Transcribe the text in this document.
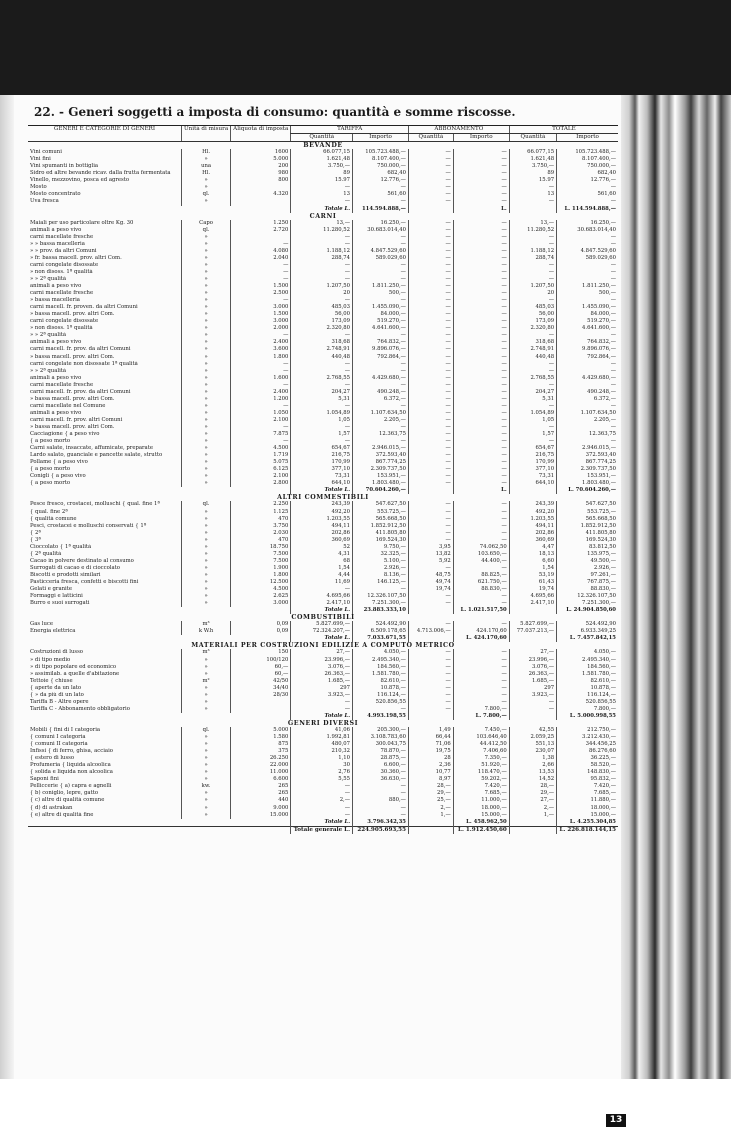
22. - Generi soggetti a imposta di consumo: quantità e somme riscosse.
GENERI E CATEGORIE DI GENERI	Unità di misura	Aliquota di imposta	TARIFFA		ABBONAMENTO		TOTALE	
			Quantità	Importo	Quantità	Importo	Quantità	Importo
BEVANDE								
Vini comuni	Hl.	1600	66.077,15	105.723.488,—	—	—	66.077,15	105.723.488,—
Vini fini	»	5.000	1.621,48	8.107.400,—	—	—	1.621,48	8.107.400,—
Vini spumanti in bottiglia	una	200	3.750,—	750.000,—	—	—	3.750,—	750.000,—
Sidro ed altre bevande ricav. dalla frutta fermentata	Hl.	980	89	682,40	—	—	89	682,40
Vinello, mezzovino, posca ed agresto	»	800	15.97	12.776,—	—	—	15.97	12.776,—
Mosto	»		—	—	—	—	—	—
Mosto concentrato	ql.	4.320	13	561,60	—	—	13	561,60
Uva fresca	»		—	—	—	—	—	—
			Totale L.	114.594.888,—		L.		L. 114.594.888,—
CARNI								
Maiali per uso particolare oltre Kg. 30	Capo	1.250	13,—	16.250,—	—	—	13,—	16.250,—
animali a peso vivo	ql.	2.720	11.280,52	30.683.014,40	—	—	11.280,52	30.683.014,40
carni macellate fresche	»		—	—	—	—	—	—
» » bassa macelleria	»	—	—	—	—	—	—	—
» » prov. da altri Comuni	»	4.080	1.188,12	4.847.529,60	—	—	1.188,12	4.847.529,60
» fr. bassa macell. prov. altri Com.	»	2.040	288,74	589.029,60	—	—	288,74	589.029,60
carni congelate disossate	»	—	—	—	—	—	—	—
» non disoss. 1ª qualità	»	—	—	—	—	—	—	—
» » 2ª qualità	»	—	—	—	—	—	—	—
animali a peso vivo	»	1.500	1.207,50	1.811.250,—	—	—	1.207,50	1.811.250,—
carni macellate fresche	»	2.500	20	500,—	—	—	20	500,—
» bassa macelleria	»	—	—	—	—	—	—	—
carni macell. fr. proven. da altri Comuni	»	3.000	485,03	1.455.090,—	—	—	485,03	1.455.090,—
» bassa macell. prov. altri Com.	»	1.500	56,00	84.000,—	—	—	56,00	84.000,—
carni congelate disossate	»	3.000	173,09	519.270,—	—	—	173,09	519.270,—
» non disoss. 1ª qualità	»	2.000	2.320,80	4.641.600,—	—	—	2.320,80	4.641.600,—
» » 2ª qualità	»	—	—	—	—	—	—	—
animali a peso vivo	»	2.400	318,68	764.832,—	—	—	318,68	764.832,—
carni macell. fr. prov. da altri Comuni	»	3.600	2.748,91	9.896.076,—	—	—	2.748,91	9.896.076,—
» bassa macell. prov. altri Com.	»	1.800	440,48	792.864,—	—	—	440,48	792.864,—
carni congelate non disossate 1ª qualità	»	—	—	—	—	—	—	—
» » 2ª qualità	»	—	—	—	—	—	—	—
animali a peso vivo	»	1.600	2.768,55	4.429.680,—	—	—	2.768,55	4.429.680,—
carni macellate fresche	»	—	—	—	—	—	—	—
carni macell. fr. prov. da altri Comuni	»	2.400	204,27	490.248,—	—	—	204,27	490.248,—
» bassa macell. prov. altri Com.	»	1.200	5,31	6.372,—	—	—	5,31	6.372,—
carni macellate nel Comune	»	—	—	—	—	—	—	—
animali a peso vivo	»	1.050	1.054,89	1.107.634,50	—	—	1.054,89	1.107.634,50
carni macell. fr. prov. altri Comuni	»	2.100	1,05	2.205,—	—	—	1,05	2.205,—
» bassa macell. prov. altri Com.	»	—	—	—	—	—	—	—
Cacciagione { a peso vivo	»	7.875	1,57	12.363,75	—	—	1,57	12.363,75
{ a peso morto	»	—	—	—	—	—	—	—
Carni salate, insaccate, affumicate, preparate	»	4.500	654,67	2.946.015,—	—	—	654,67	2.946.015,—
Lardo salato, guanciale e pancette salate, strutto	»	1.719	216,75	372.593,40	—	—	216,75	372.593,40
Pollame { a peso vivo	»	5.075	170,99	867.774,25	—	—	170,99	867.774,25
{ a peso morto	»	6.125	377,10	2.309.737,50	—	—	377,10	2.309.737,50
Conigli { a peso vivo	»	2.100	73,31	153.951,—	—	—	73,31	153.951,—
{ a peso morto	»	2.800	644,10	1.803.480,—	—	—	644,10	1.803.480,—
			Totale L.	70.604.260,—		L.		L. 70.604.260,—
ALTRI COMMESTIBILI								
Pesce fresco, crostacei, molluschi { qual. fine 1ª	ql.	2.250	243,39	547.627,50	—	—	243,39	547.627,50
{ qual. fine 2ª	»	1.125	492,20	553.725,—	—	—	492,20	553.725,—
{ qualità comune	»	470	1.203,55	565.668,50	—	—	1.203,55	565.668,50
Pesci, crostacei e molluschi conservati { 1ª	»	3.750	494,11	1.852.912,50	—	—	494,11	1.852.912,50
{ 2ª	»	2.030	202,86	411.805,80	—	—	202,86	411.805,80
{ 3ª	»	470	360,69	169.524,30	—	—	360,69	169.524,30
Cioccolato { 1ª qualità	»	18.750	52	9.750,—	3,95	74.062,50	4,47	83.812,50
{ 2ª qualità	»	7.500	4,31	32.325,—	13,82	103.650,—	18,13	135.975,—
Cacao in polvere destinato al consumo	»	7.500	68	5.100,—	5,92	44.400,—	6,60	49.500,—
Surrogati di cacao e di cioccolato	»	1.900	1,54	2.926,—	—	—	1,54	2.926,—
Biscotti e prodotti similari	»	1.800	4,44	8.136,—	48,75	88.825,—	53,19	97.261,—
Pasticceria fresca, confetti e biscotti fini	»	12.500	11,69	146.125,—	49,74	621.750,—	61,43	767.875,—
Gelati e granite	»	4.500	—	—	19,74	88.830,—	19,74	88.830,—
Formaggi e latticini	»	2.625	4.695,66	12.326.107,50	—	—	4.695,66	12.326.107,50
Burro e suoi surrogati	»	3.000	2.417,10	7.251.300,—	—	—	2.417,10	7.251.300,—
			Totale L.	23.883.333,10		L. 1.021.517,50		L. 24.904.850,60
COMBUSTIBILI								
Gas luce	m³	0,09	5.827.699,—	524.492,90	—	—	5.827.699,—	524.492,90
Energia elettrica	k W.h	0,09	72.324.207,—	6.509.178,65	4.713.006,—	424.170,60	77.037.213,—	6.933.349,25
			Totale L.	7.033.671,55		L. 424.170,60		L. 7.457.842,15
MATERIALI PER COSTRUZIONI EDILIZIE A COMPUTO METRICO								
Costruzioni di lusso	m³	150	27,—	4.050,—	—	—	27,—	4.050,—
» di tipo medio	»	100/120	23.996,—	2.495.340,—	—	—	23.996,—	2.495.340,—
» di tipo popolare ed economico	»	60,—	3.076,—	184.560,—	—	—	3.076,—	184.560,—
» assimilab. a quelle d'abitazione	»	60,—	26.363,—	1.581.780,—	—	—	26.363,—	1.581.780,—
Tettoie { chiuse	m²	42/50	1.685,—	82.610,—	—	—	1.685,—	82.610,—
{ aperte da un lato	»	34/40	297	10.878,—	—	—	297	10.878,—
{ » da più di un lato	»	28/30	3.923,—	116.124,—	—	—	3.923,—	116.124,—
Tariffa B - Altre opere	»		—	520.856,55	—	—	—	520.856,55
Tariffa C - Abbonamento obbligatorio	»		—	—	—	7.800,—	—	7.800,—
			Totale L.	4.993.198,55		L. 7.800,—		L. 5.000.998,55
GENERI DIVERSI								
Mobili { fini di I categoria	ql.	5.000	41,06	205.300,—	1,49	7.450,—	42,55	212.750,—
{ comuni I categoria	»	1.580	1.992,81	3.108.783,60	66,44	103.646,40	2.059,25	3.212.430,—
{ comuni II categoria	»	875	480,07	300.043,75	71,06	44.412,50	551,13	344.456,25
Infissi { di ferro, ghisa, acciaio	»	375	210,32	78.870,—	19,75	7.406,60	230,07	86.276,60
{ estero di lusso	»	26.250	1,10	28.875,—	28	7.350,—	1,38	36.225,—
Profumeria { liquida alcoolica	»	22.000	30	6.600,—	2,36	51.920,—	2,66	58.520,—
{ solida e liquida non alcoolica	»	11.000	2,76	30.360,—	10,77	118.470,—	13,53	148.830,—
Saponi fini	»	6.600	5,55	36.630,—	8,97	59.202,—	14,52	95.832,—
Pelliccerie { a) capra e agnelli	kw.	265	—	—	28,—	7.420,—	28,—	7.420,—
{ b) coniglio, lepre, gatto	»	265	—	—	29,—	7.685,—	29,—	7.685,—
{ c) altre di qualità comune	»	440	2,—	880,—	25,—	11.000,—	27,—	11.880,—
{ d) di astrakan	»	9.000	—	—	2,—	18.000,—	2,—	18.000,—
{ e) altre di qualità fine	»	15.000	—	—	1,—	15.000,—	1,—	15.000,—
			Totale L.	3.796.342,35		L. 458.962,50		L. 4.255.304,85
			Totale generale L.	224.905.693,55		L. 1.912.450,60		L. 226.818.144,15
13
